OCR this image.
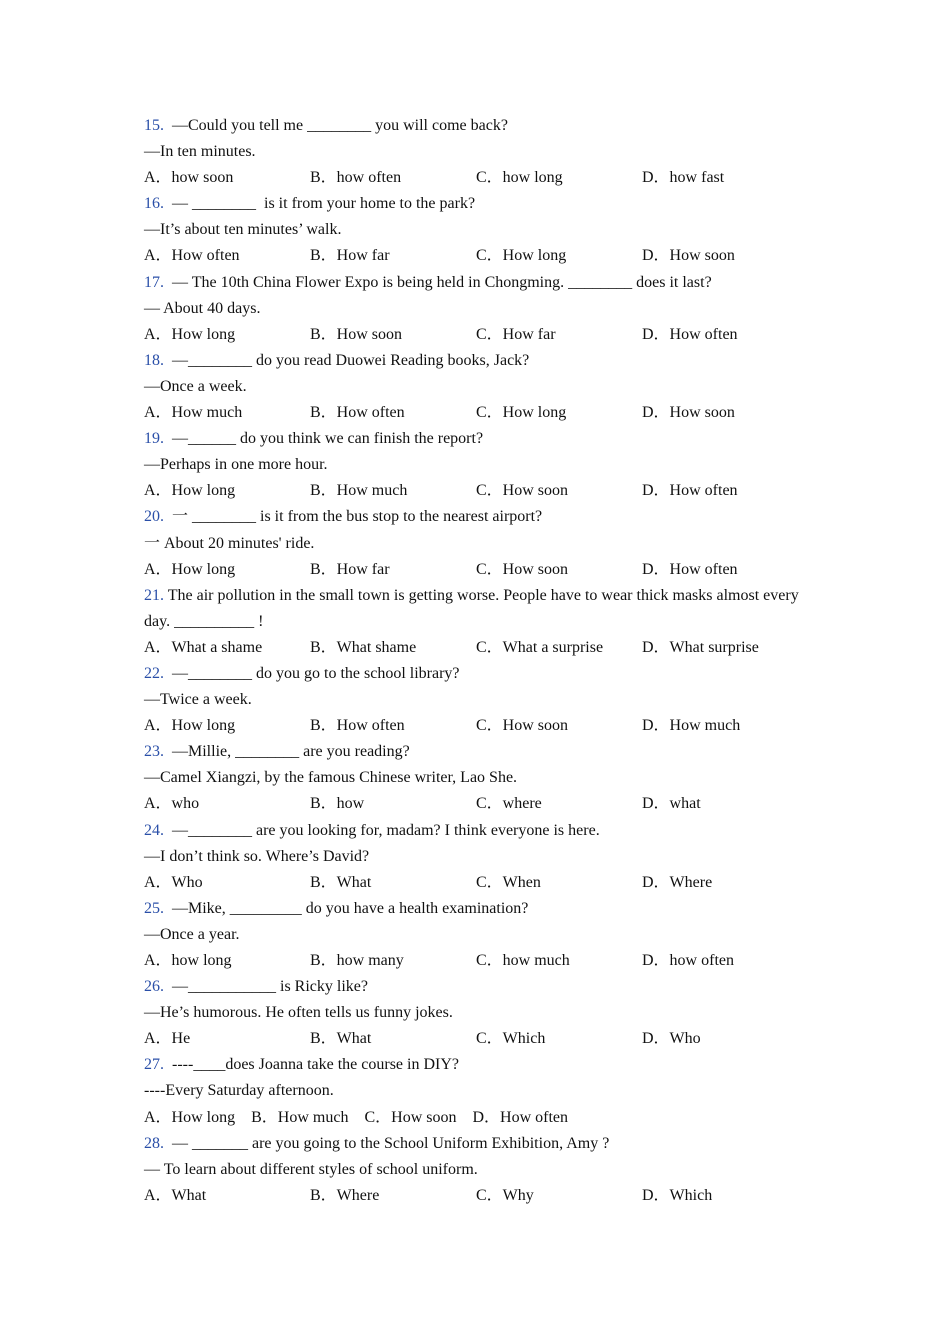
15. —Could you tell me ________ you will come back?
—In ten minutes.
A．how soon	B．how often	C．how long	D．how fast
16. — ________  is it from your home to the park?
—It’s about ten minutes’ walk.
A．How often	B．How far	C．How long	D．How soon
17. — The 10th China Flower Expo is being held in Chongming. ________ does it last?
— About 40 days.
A．How long	B．How soon	C．How far	D．How often
18. —________ do you read Duowei Reading books, Jack?
—Once a week.
A．How much	B．How often	C．How long	D．How soon
19. —______ do you think we can finish the report?
—Perhaps in one more hour.
A．How long	B．How much	C．How soon	D．How often
20. 一 ________ is it from the bus stop to the nearest airport?
一 About 20 minutes' ride.
A．How long	B．How far	C．How soon	D．How often
21. The air pollution in the small town is getting worse. People have to wear thick masks almost every day. __________ !
A．What a shame	B．What shame	C．What a surprise	D．What surprise
22. —________ do you go to the school library?
—Twice a week.
A．How long	B．How often	C．How soon	D．How much
23. —Millie, ________ are you reading?
—Camel Xiangzi, by the famous Chinese writer, Lao She.
A．who	B．how	C．where	D．what
24. —________ are you looking for, madam? I think everyone is here.
—I don’t think so. Where’s David?
A．Who	B．What	C．When	D．Where
25. —Mike, _________ do you have a health examination?
—Once a year.
A．how long	B．how many	C．how much	D．how often
26. —___________ is Ricky like?
—He’s humorous. He often tells us funny jokes.
A．He	B．What	C．Which	D．Who
27. ----____does Joanna take the course in DIY?
----Every Saturday afternoon.
A．How long B．How much C．How soon D．How often
28. — _______ are you going to the School Uniform Exhibition, Amy ?
— To learn about different styles of school uniform.
A．What	B．Where	C．Why	D．Which
